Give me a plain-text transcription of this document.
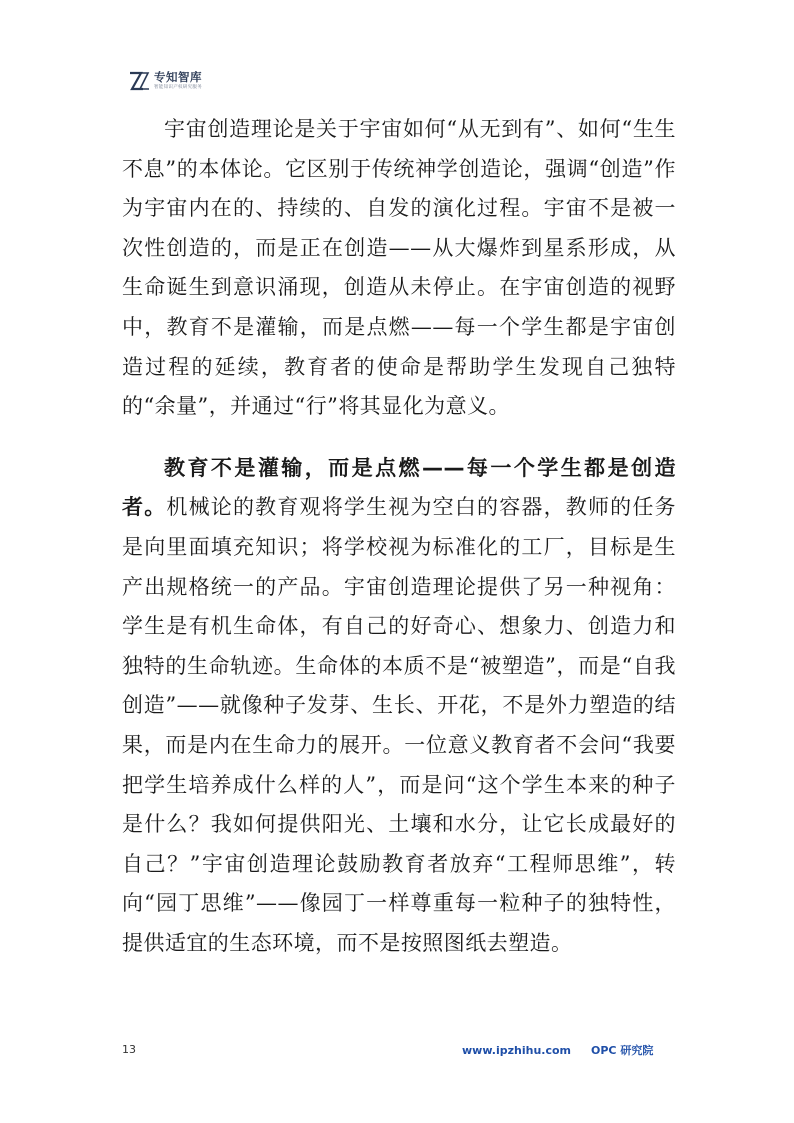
专知智库
智能知识产权研究服务

宇宙创造理论是关于宇宙如何“从无到有”、如何“生生不息”的本体论。它区别于传统神学创造论，强调“创造”作为宇宙内在的、持续的、自发的演化过程。宇宙不是被一次性创造的，而是正在创造——从大爆炸到星系形成，从生命诞生到意识涌现，创造从未停止。在宇宙创造的视野中，教育不是灌输，而是点燃——每一个学生都是宇宙创造过程的延续，教育者的使命是帮助学生发现自己独特的“余量”，并通过“行”将其显化为意义。

教育不是灌输，而是点燃——每一个学生都是创造者。机械论的教育观将学生视为空白的容器，教师的任务是向里面填充知识；将学校视为标准化的工厂，目标是生产出规格统一的产品。宇宙创造理论提供了另一种视角：学生是有机生命体，有自己的好奇心、想象力、创造力和独特的生命轨迹。生命体的本质不是“被塑造”，而是“自我创造”——就像种子发芽、生长、开花，不是外力塑造的结果，而是内在生命力的展开。一位意义教育者不会问“我要把学生培养成什么样的人”，而是问“这个学生本来的种子是什么？我如何提供阳光、土壤和水分，让它长成最好的自己？”宇宙创造理论鼓励教育者放弃“工程师思维”，转向“园丁思维”——像园丁一样尊重每一粒种子的独特性，提供适宜的生态环境，而不是按照图纸去塑造。

13	www.ipzhihu.com OPC 研究院
